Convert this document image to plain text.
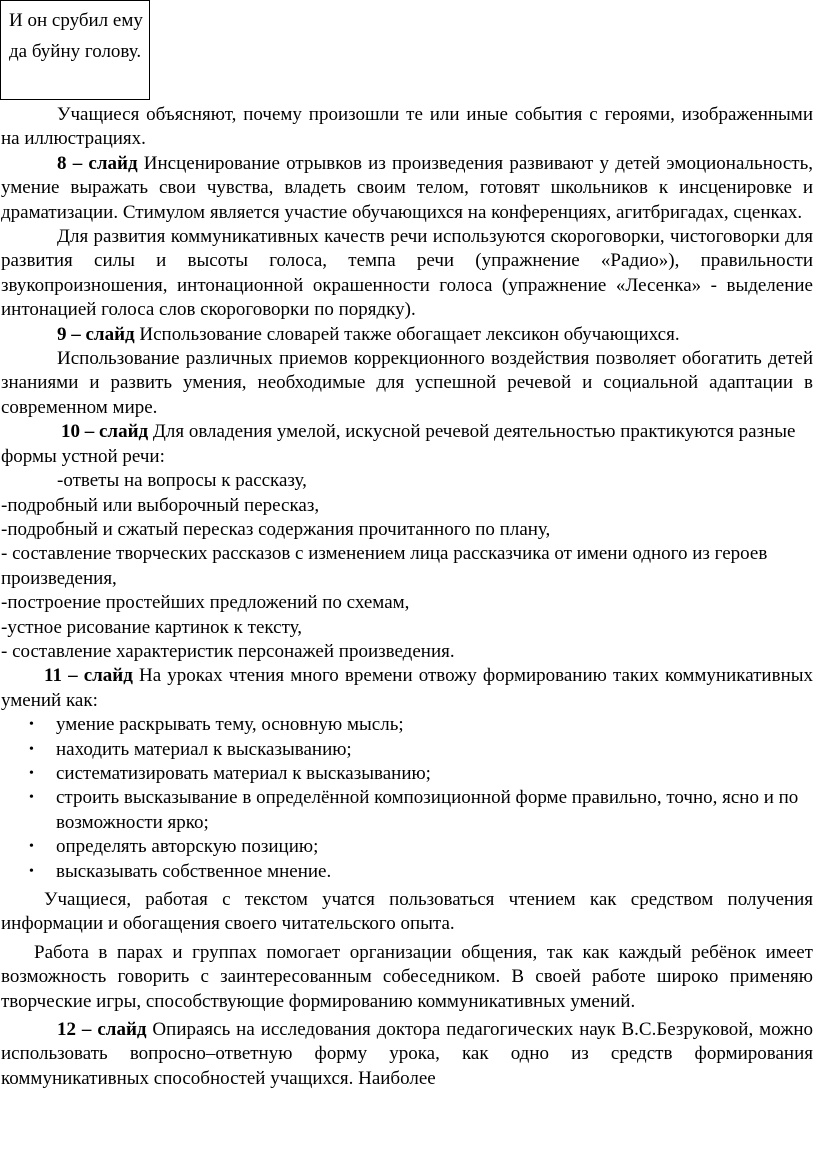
И он срубил ему да буйну голову.

Учащиеся объясняют, почему произошли те или иные события с героями, изображенными на иллюстрациях.

8 – слайд Инсценирование отрывков из произведения развивают у детей эмоциональность, умение выражать свои чувства, владеть своим телом, готовят школьников к инсценировке и драматизации. Стимулом является участие обучающихся на конференциях, агитбригадах, сценках.

Для развития коммуникативных качеств речи используются скороговорки, чистоговорки для развития силы и высоты голоса, темпа речи (упражнение «Радио»), правильности звукопроизношения, интонационной окрашенности голоса (упражнение «Лесенка» - выделение интонацией голоса слов скороговорки по порядку).

9 – слайд Использование словарей также обогащает лексикон обучающихся.

Использование различных приемов коррекционного воздействия позволяет обогатить детей знаниями и развить умения, необходимые для успешной речевой и социальной адаптации в современном мире.

10 – слайд Для овладения умелой, искусной речевой деятельностью практикуются разные формы устной речи:

-ответы на вопросы к рассказу,

-подробный или выборочный пересказ,

-подробный и сжатый пересказ содержания прочитанного по плану,

- составление творческих рассказов с изменением лица рассказчика от имени одного из героев произведения,

-построение простейших предложений по схемам,

-устное рисование картинок к тексту,

- составление характеристик персонажей произведения.

11 – слайд На уроках чтения много времени отвожу формированию таких коммуникативных умений как:

• умение раскрывать тему, основную мысль;
• находить материал к высказыванию;
• систематизировать материал к высказыванию;
• строить высказывание в определённой композиционной форме правильно, точно, ясно и по возможности ярко;
• определять авторскую позицию;
• высказывать собственное мнение.

Учащиеся, работая с текстом учатся пользоваться чтением как средством получения информации и обогащения своего читательского опыта.

Работа в парах и группах помогает организации общения, так как каждый ребёнок имеет возможность говорить с заинтересованным собеседником. В своей работе широко применяю творческие игры, способствующие формированию коммуникативных умений.

12 – слайд Опираясь на исследования доктора педагогических наук В.С.Безруковой, можно использовать вопросно–ответную форму урока, как одно из средств формирования коммуникативных способностей учащихся. Наиболее
